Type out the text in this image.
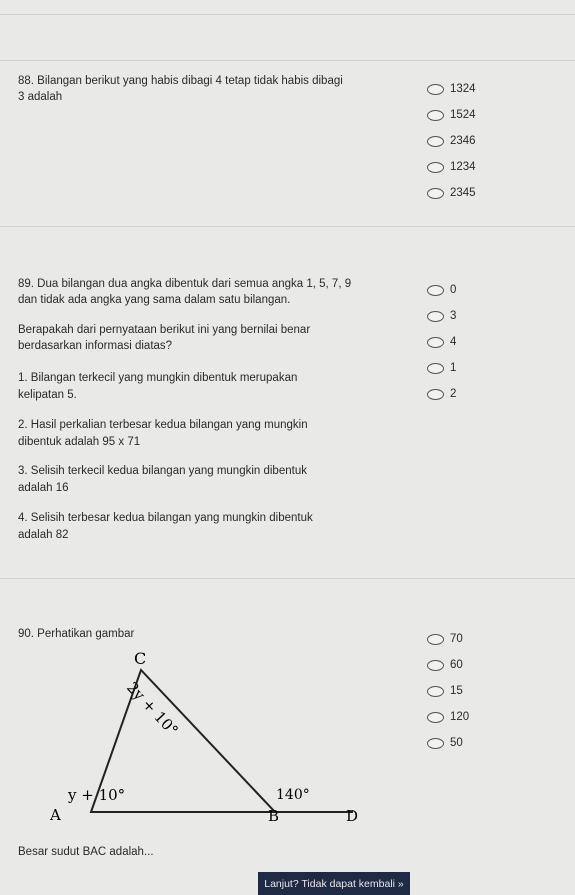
88. Bilangan berikut yang habis dibagi 4 tetap tidak habis dibagi
3 adalah
1324
1524
2346
1234
2345
89. Dua bilangan dua angka dibentuk dari semua angka 1, 5, 7, 9
dan tidak ada angka yang sama dalam satu bilangan.
Berapakah dari pernyataan berikut ini yang bernilai benar
berdasarkan informasi diatas?
1. Bilangan terkecil yang mungkin dibentuk merupakan
kelipatan 5.
2. Hasil perkalian terbesar kedua bilangan yang mungkin
dibentuk adalah 95 x 71
3. Selisih terkecil kedua bilangan yang mungkin dibentuk
adalah 16
4. Selisih terbesar kedua bilangan yang mungkin dibentuk
adalah 82
0
3
4
1
2
90. Perhatikan gambar
C
A	B	D
2y + 10°
y + 10°	140°
70
60
15
120
50
Besar sudut BAC adalah...
Lanjut? Tidak dapat kembali »
